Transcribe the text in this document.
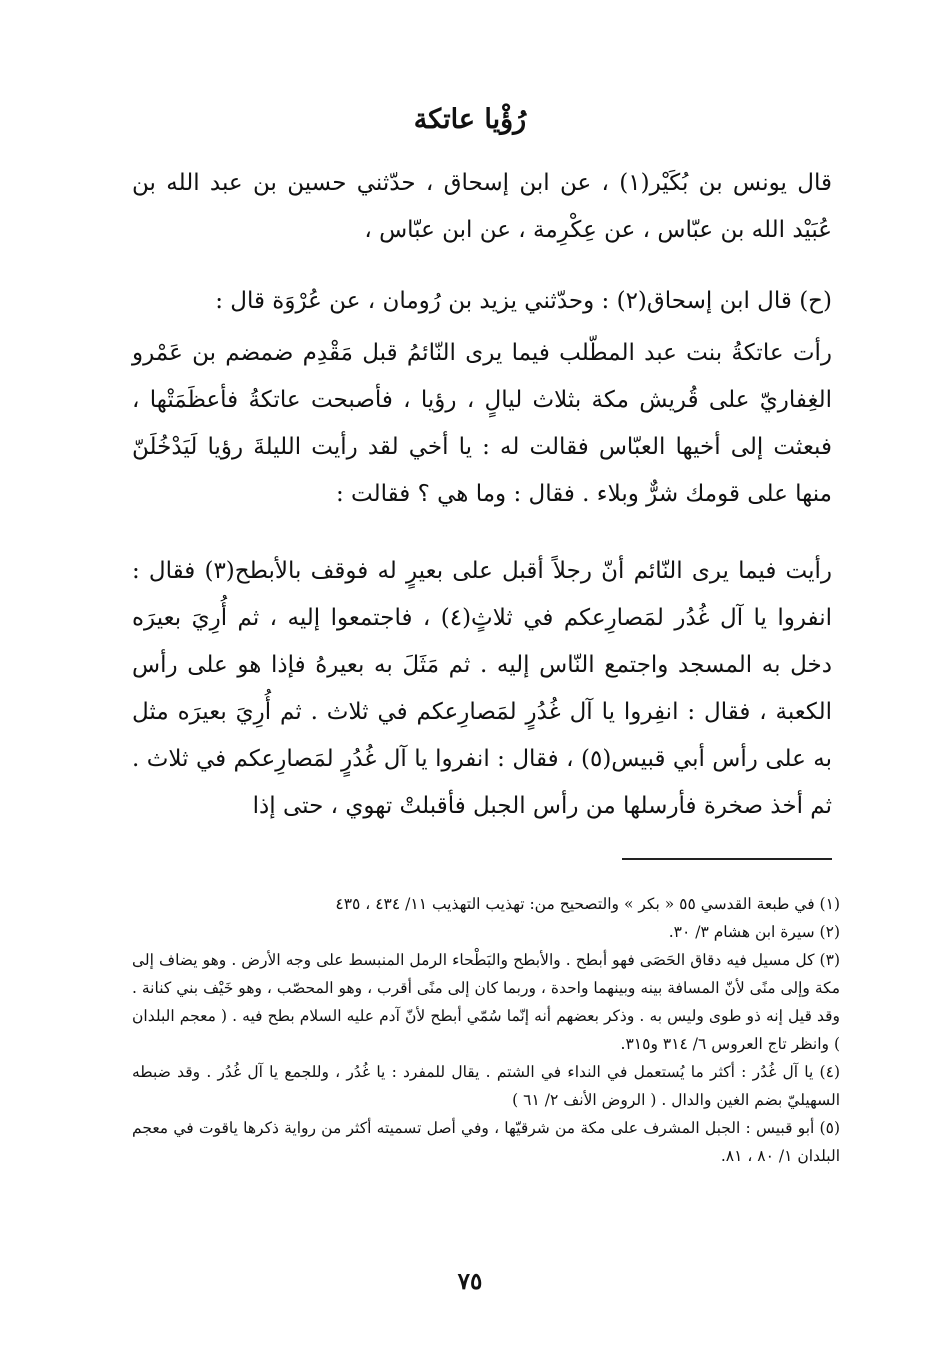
رُؤْيا عاتكة
قال يونس بن بُكَيْر(١) ، عن ابن إسحاق ، حدّثني حسين بن عبد الله بن عُبَيْد الله بن عبّاس ، عن عِكْرِمة ، عن ابن عبّاس ،
(ح) قال ابن إسحاق(٢) : وحدّثني يزيد بن رُومان ، عن عُرْوَة قال :
رأت عاتكةُ بنت عبد المطّلب فيما يرى النّائمُ قبل مَقْدِم ضمضم بن عَمْرو الغِفاريّ على قُريش مكة بثلاث ليالٍ ، رؤيا ، فأصبحت عاتكةُ فأعظَمَتْها ، فبعثت إلى أخيها العبّاس فقالت له : يا أخي لقد رأيت الليلةَ رؤيا لَيَدْخُلَنّ منها على قومك شرٌّ وبلاء . فقال : وما هي ؟ فقالت :
رأيت فيما يرى النّائم أنّ رجلاً أقبل على بعيرٍ له فوقف بالأبطح(٣) فقال : انفروا يا آل غُدُر لمَصارِعكم في ثلاثٍ(٤) ، فاجتمعوا إليه ، ثم أُرِيَ بعيرَه دخل به المسجد واجتمع النّاس إليه . ثم مَثَلَ به بعيرهُ فإذا هو على رأس الكعبة ، فقال : انفِروا يا آل غُدُرٍ لمَصارِعكم في ثلاث . ثم أُرِيَ بعيرَه مثل به على رأس أبي قبيس(٥) ، فقال : انفروا يا آل غُدُرٍ لمَصارِعكم في ثلاث . ثم أخذ صخرة فأرسلها من رأس الجبل فأقبلتْ تهوي ، حتى إذا
(١) في طبعة القدسي ٥٥ « بكر » والتصحيح من: تهذيب التهذيب ١١/ ٤٣٤ ، ٤٣٥
(٢) سيرة ابن هشام ٣/ ٣٠.
(٣) كل مسيل فيه دقاق الحَصَى فهو أبطح . والأبطح والبَطْحاء الرمل المنبسط على وجه الأرض . وهو يضاف إلى مكة وإلى منًى لأنّ المسافة بينه وبينهما واحدة ، وربما كان إلى منًى أقرب ، وهو المحصّب ، وهو خَيْف بني كنانة . وقد قيل إنه ذو طوى وليس به . وذكر بعضهم أنه إنّما سُمّي أبطح لأنّ آدم عليه السلام بطح فيه . ( معجم البلدان ) وانظر تاج العروس ٦/ ٣١٤ و٣١٥.
(٤) يا آل غُدُر : أكثر ما يُستعمل في النداء في الشتم . يقال للمفرد : يا غُدُر ، وللجمع يا آل غُدُر . وقد ضبطه السهيليّ بضم الغين والدال . ( الروض الأنف ٢/ ٦١ )
(٥) أبو قبيس : الجبل المشرف على مكة من شرقيّها ، وفي أصل تسميته أكثر من رواية ذكرها ياقوت في معجم البلدان ١/ ٨٠ ، ٨١.
٧٥
